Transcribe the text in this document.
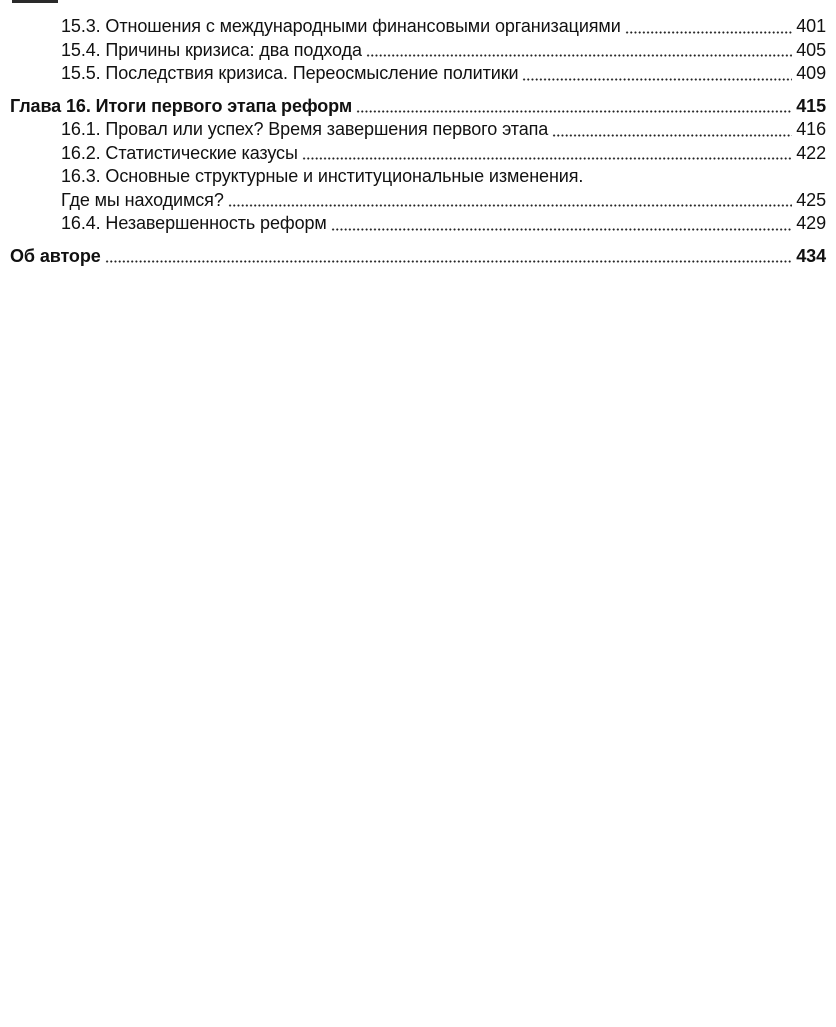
15.3. Отношения с международными финансовыми организациями	401
15.4. Причины кризиса: два подхода	405
15.5. Последствия кризиса. Переосмысление политики	409
Глава 16. Итоги первого этапа реформ	415
16.1. Провал или успех? Время завершения первого этапа	416
16.2. Статистические казусы	422
16.3. Основные структурные и институциональные изменения.
Где мы находимся?	425
16.4. Незавершенность реформ	429
Об авторе	434
